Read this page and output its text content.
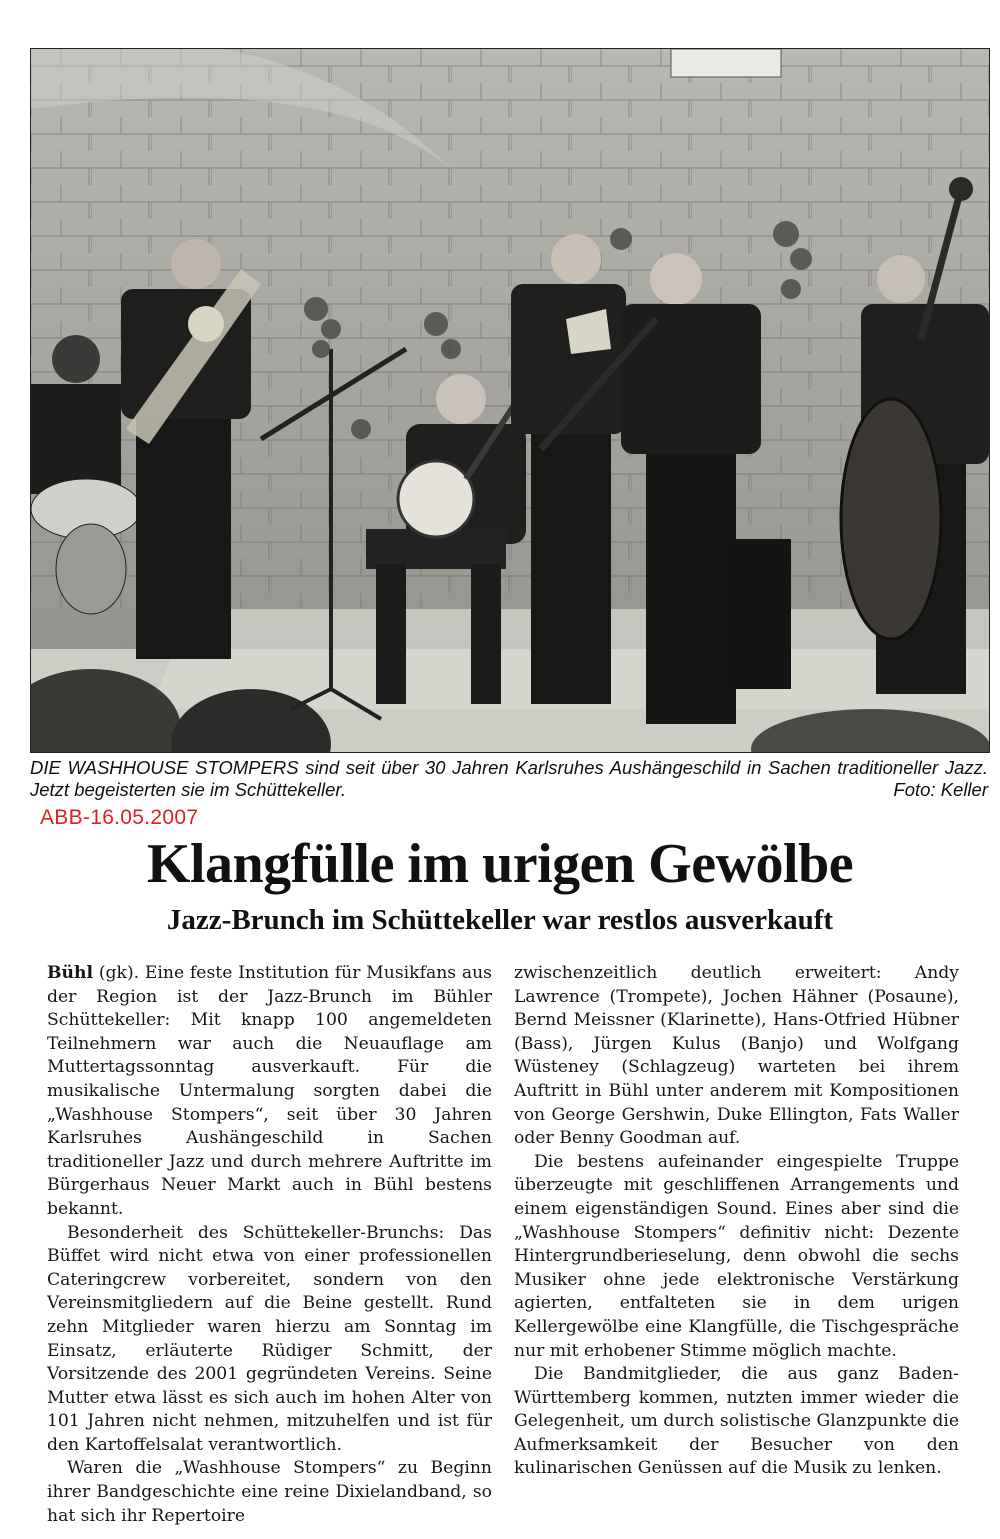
DIE WASHHOUSE STOMPERS sind seit über 30 Jahren Karlsruhes Aushängeschild in Sachen traditioneller Jazz. Jetzt begeisterten sie im Schüttekeller.	Foto: Keller
ABB-16.05.2007
Klangfülle im urigen Gewölbe
Jazz-Brunch im Schüttekeller war restlos ausverkauft

Bühl (gk). Eine feste Institution für Musikfans aus der Region ist der Jazz-Brunch im Bühler Schüttekeller: Mit knapp 100 angemeldeten Teilnehmern war auch die Neuauflage am Muttertagssonntag ausverkauft. Für die musikalische Untermalung sorgten dabei die „Washhouse Stompers“, seit über 30 Jahren Karlsruhes Aushängeschild in Sachen traditioneller Jazz und durch mehrere Auftritte im Bürgerhaus Neuer Markt auch in Bühl bestens bekannt.

Besonderheit des Schüttekeller-Brunchs: Das Büffet wird nicht etwa von einer professionellen Cateringcrew vorbereitet, sondern von den Vereinsmitgliedern auf die Beine gestellt. Rund zehn Mitglieder waren hierzu am Sonntag im Einsatz, erläuterte Rüdiger Schmitt, der Vorsitzende des 2001 gegründeten Vereins. Seine Mutter etwa lässt es sich auch im hohen Alter von 101 Jahren nicht nehmen, mitzuhelfen und ist für den Kartoffelsalat verantwortlich.

Waren die „Washhouse Stompers“ zu Beginn ihrer Bandgeschichte eine reine Dixielandband, so hat sich ihr Repertoire

zwischenzeitlich deutlich erweitert: Andy Lawrence (Trompete), Jochen Hähner (Posaune), Bernd Meissner (Klarinette), Hans-Otfried Hübner (Bass), Jürgen Kulus (Banjo) und Wolfgang Wüsteney (Schlagzeug) warteten bei ihrem Auftritt in Bühl unter anderem mit Kompositionen von George Gershwin, Duke Ellington, Fats Waller oder Benny Goodman auf.

Die bestens aufeinander eingespielte Truppe überzeugte mit geschliffenen Arrangements und einem eigenständigen Sound. Eines aber sind die „Washhouse Stompers“ definitiv nicht: Dezente Hintergrundberieselung, denn obwohl die sechs Musiker ohne jede elektronische Verstärkung agierten, entfalteten sie in dem urigen Kellergewölbe eine Klangfülle, die Tischgespräche nur mit erhobener Stimme möglich machte.

Die Bandmitglieder, die aus ganz Baden-Württemberg kommen, nutzten immer wieder die Gelegenheit, um durch solistische Glanzpunkte die Aufmerksamkeit der Besucher von den kulinarischen Genüssen auf die Musik zu lenken.
